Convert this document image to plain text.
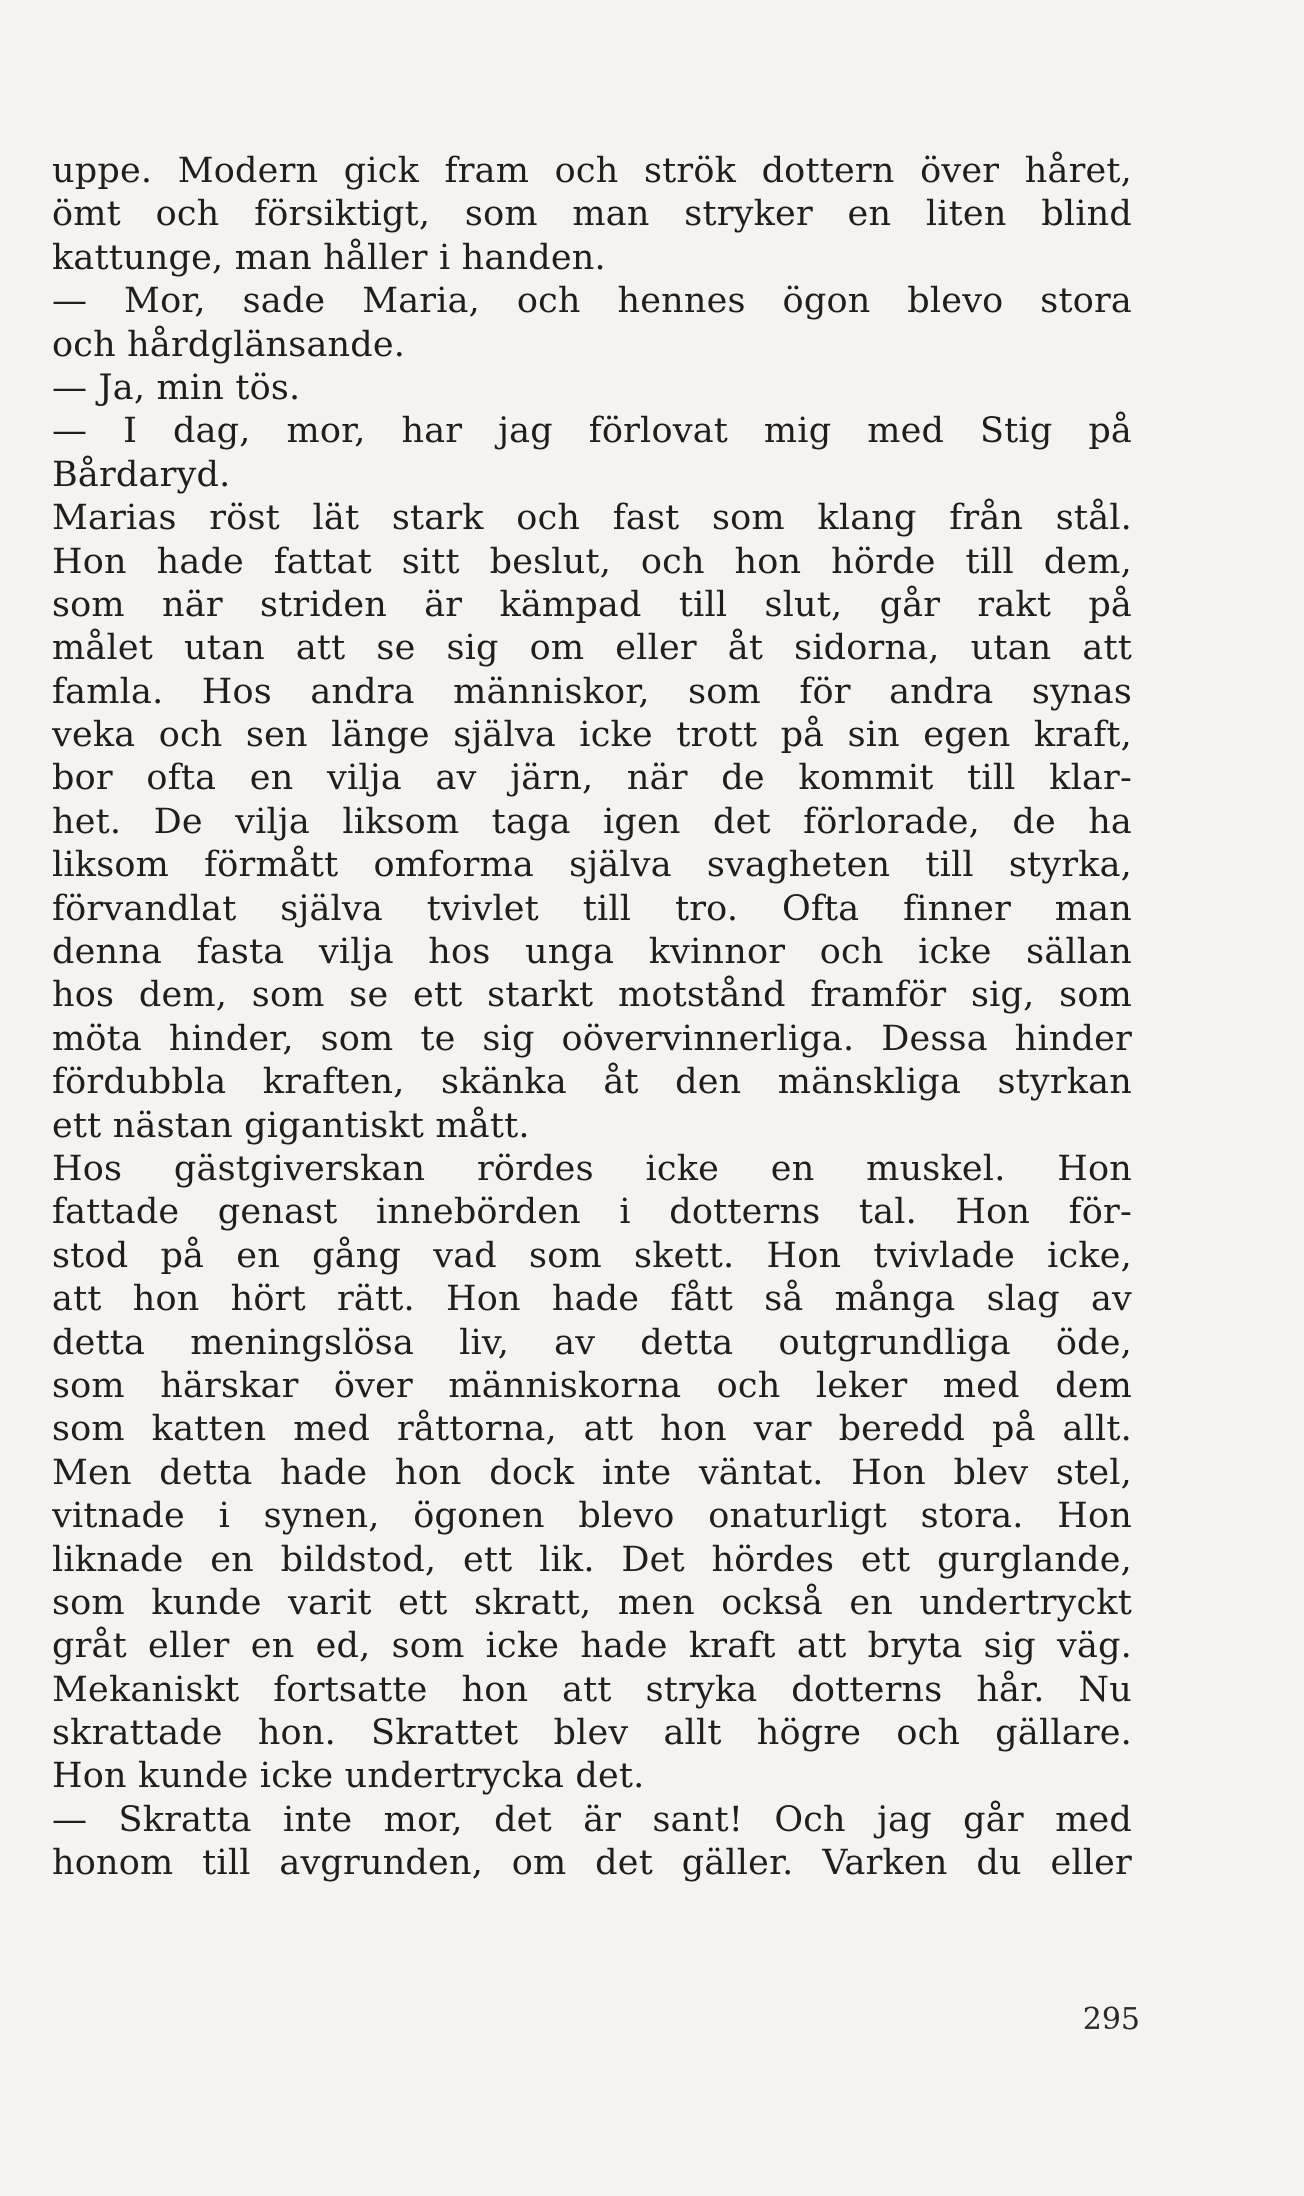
uppe. Modern gick fram och strök dottern över håret,
ömt och försiktigt, som man stryker en liten blind
kattunge, man håller i handen.
— Mor, sade Maria, och hennes ögon blevo stora
och hårdglänsande.
— Ja, min tös.
— I dag, mor, har jag förlovat mig med Stig på
Bårdaryd.
Marias röst lät stark och fast som klang från stål.
Hon hade fattat sitt beslut, och hon hörde till dem,
som när striden är kämpad till slut, går rakt på
målet utan att se sig om eller åt sidorna, utan att
famla. Hos andra människor, som för andra synas
veka och sen länge själva icke trott på sin egen kraft,
bor ofta en vilja av järn, när de kommit till klar-
het. De vilja liksom taga igen det förlorade, de ha
liksom förmått omforma själva svagheten till styrka,
förvandlat själva tvivlet till tro. Ofta finner man
denna fasta vilja hos unga kvinnor och icke sällan
hos dem, som se ett starkt motstånd framför sig, som
möta hinder, som te sig oövervinnerliga. Dessa hinder
fördubbla kraften, skänka åt den mänskliga styrkan
ett nästan gigantiskt mått.
Hos gästgiverskan rördes icke en muskel. Hon
fattade genast innebörden i dotterns tal. Hon för-
stod på en gång vad som skett. Hon tvivlade icke,
att hon hört rätt. Hon hade fått så många slag av
detta meningslösa liv, av detta outgrundliga öde,
som härskar över människorna och leker med dem
som katten med råttorna, att hon var beredd på allt.
Men detta hade hon dock inte väntat. Hon blev stel,
vitnade i synen, ögonen blevo onaturligt stora. Hon
liknade en bildstod, ett lik. Det hördes ett gurglande,
som kunde varit ett skratt, men också en undertryckt
gråt eller en ed, som icke hade kraft att bryta sig väg.
Mekaniskt fortsatte hon att stryka dotterns hår. Nu
skrattade hon. Skrattet blev allt högre och gällare.
Hon kunde icke undertrycka det.
— Skratta inte mor, det är sant! Och jag går med
honom till avgrunden, om det gäller. Varken du eller
295
